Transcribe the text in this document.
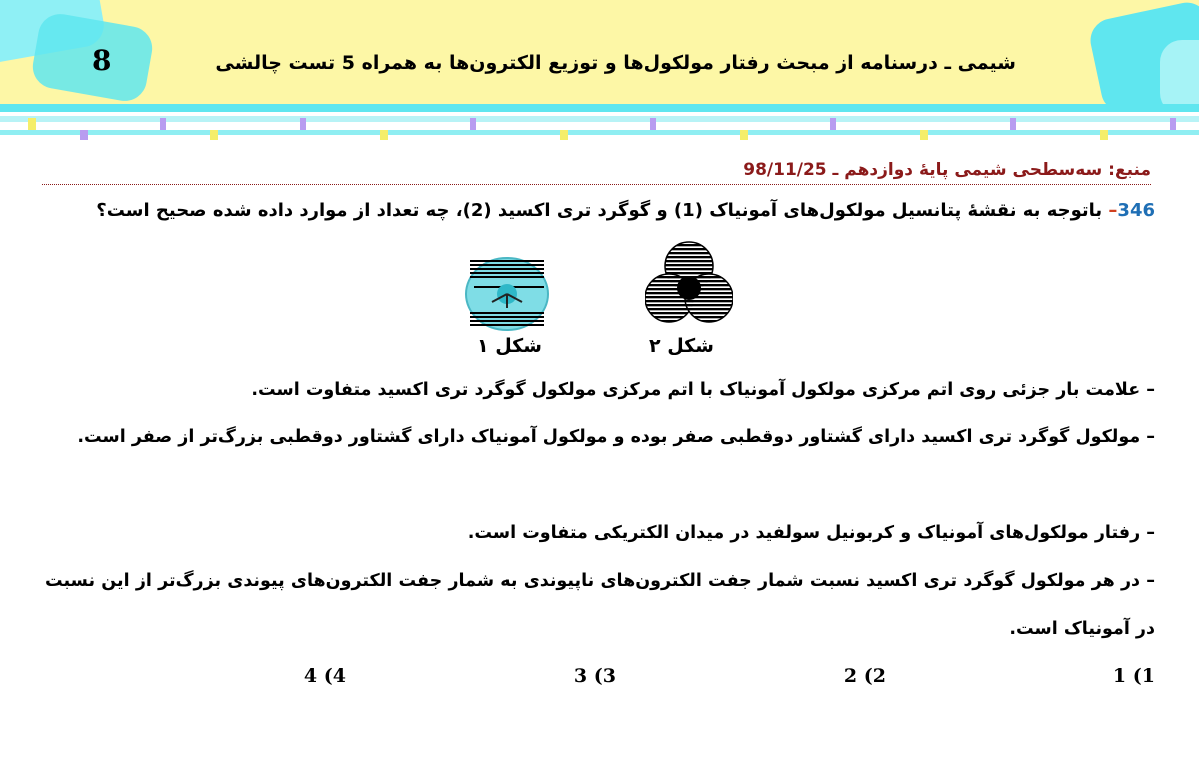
8	شیمی ـ درسنامه از مبحث رفتار مولکول‌ها و توزیع الکترون‌ها به همراه 5 تست چالشی
منبع: سه‌سطحی شیمی پایهٔ دوازدهم ـ 98/11/25
346– باتوجه به نقشهٔ پتانسیل مولکول‌های آمونیاک (1) و گوگرد تری اکسید (2)، چه تعداد از موارد داده شده صحیح است؟
شکل ۱	شکل ۲
– علامت بار جزئی روی اتم مرکزی مولکول آمونیاک با اتم مرکزی مولکول گوگرد تری اکسید متفاوت است.
– مولکول گوگرد تری اکسید دارای گشتاور دوقطبی صفر بوده و مولکول آمونیاک دارای گشتاور دوقطبی بزرگ‌تر از صفر است.
– رفتار مولکول‌های آمونیاک و کربونیل سولفید در میدان الکتریکی متفاوت است.
– در هر مولکول گوگرد تری اکسید نسبت شمار جفت الکترون‌های ناپیوندی به شمار جفت الکترون‌های پیوندی بزرگ‌تر از این نسبت در آمونیاک است.
1) 1
2) 2
3) 3
4) 4
